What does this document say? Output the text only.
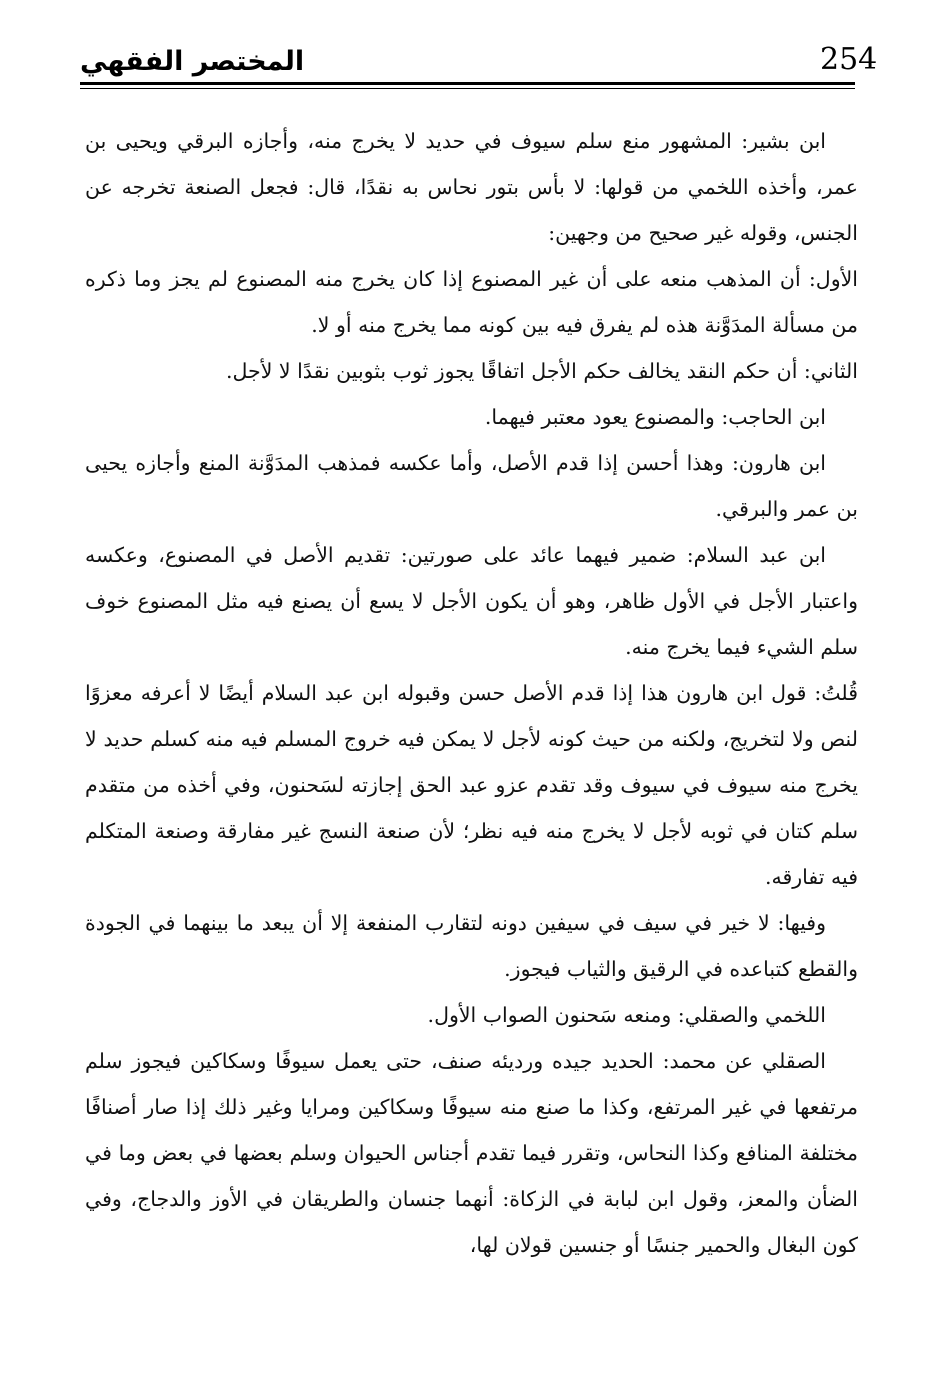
254
المختصر الفقهي

ابن بشير: المشهور منع سلم سيوف في حديد لا يخرج منه، وأجازه البرقي ويحيى بن عمر، وأخذه اللخمي من قولها: لا بأس بتور نحاس به نقدًا، قال: فجعل الصنعة تخرجه عن الجنس، وقوله غير صحيح من وجهين:

الأول: أن المذهب منعه على أن غير المصنوع إذا كان يخرج منه المصنوع لم يجز وما ذكره من مسألة المدَوَّنة هذه لم يفرق فيه بين كونه مما يخرج منه أو لا.

الثاني: أن حكم النقد يخالف حكم الأجل اتفاقًا يجوز ثوب بثوبين نقدًا لا لأجل.

ابن الحاجب: والمصنوع يعود معتبر فيهما.

ابن هارون: وهذا أحسن إذا قدم الأصل، وأما عكسه فمذهب المدَوَّنة المنع وأجازه يحيى بن عمر والبرقي.

ابن عبد السلام: ضمير فيهما عائد على صورتين: تقديم الأصل في المصنوع، وعكسه واعتبار الأجل في الأول ظاهر، وهو أن يكون الأجل لا يسع أن يصنع فيه مثل المصنوع خوف سلم الشيء فيما يخرج منه.

قُلتُ: قول ابن هارون هذا إذا قدم الأصل حسن وقبوله ابن عبد السلام أيضًا لا أعرفه معزوًا لنص ولا لتخريج، ولكنه من حيث كونه لأجل لا يمكن فيه خروج المسلم فيه منه كسلم حديد لا يخرج منه سيوف في سيوف وقد تقدم عزو عبد الحق إجازته لسَحنون، وفي أخذه من متقدم سلم كتان في ثوبه لأجل لا يخرج منه فيه نظر؛ لأن صنعة النسج غير مفارقة وصنعة المتكلم فيه تفارقه.

وفيها: لا خير في سيف في سيفين دونه لتقارب المنفعة إلا أن يبعد ما بينهما في الجودة والقطع كتباعده في الرقيق والثياب فيجوز.

اللخمي والصقلي: ومنعه سَحنون الصواب الأول.

الصقلي عن محمد: الحديد جيده ورديئه صنف، حتى يعمل سيوفًا وسكاكين فيجوز سلم مرتفعها في غير المرتفع، وكذا ما صنع منه سيوفًا وسكاكين ومرايا وغير ذلك إذا صار أصنافًا مختلفة المنافع وكذا النحاس، وتقرر فيما تقدم أجناس الحيوان وسلم بعضها في بعض وما في الضأن والمعز، وقول ابن لبابة في الزكاة: أنهما جنسان والطريقان في الأوز والدجاج، وفي كون البغال والحمير جنسًا أو جنسين قولان لها،
